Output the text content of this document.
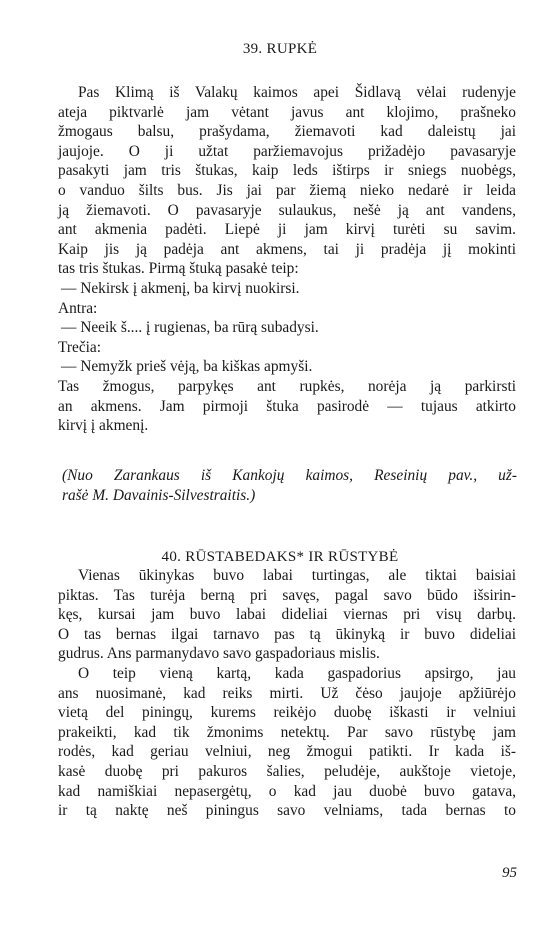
39. RUPKĖ
Pas Klimą iš Valakų kaimos apei Šidlavą vėlai rudenyje
ateja piktvarlė jam vėtant javus ant klojimo, prašneko
žmogaus balsu, prašydama, žiemavoti kad daleistų jai
jaujoje. O ji užtat paržiemavojus prižadėjo pavasaryje
pasakyti jam tris štukas, kaip leds ištirps ir sniegs nuobėgs,
o vanduo šilts bus. Jis jai par žiemą nieko nedarė ir leida
ją žiemavoti. O pavasaryje sulaukus, nešė ją ant vandens,
ant akmenia padėti. Liepė ji jam kirvį turėti su savim.
Kaip jis ją padėja ant akmens, tai ji pradėja jį mokinti
tas tris štukas. Pirmą štuką pasakė teip:
— Nekirsk į akmenį, ba kirvį nuokirsi.
Antra:
— Neeik š.... į rugienas, ba rūrą subadysi.
Trečia:
— Nemyžk prieš vėją, ba kiškas apmyši.
Tas žmogus, parpykęs ant rupkės, norėja ją parkirsti
an akmens. Jam pirmoji štuka pasirodė — tujaus atkirto
kirvį į akmenį.
(Nuo Zarankaus iš Kankojų kaimos, Reseinių pav., už-
rašė M. Davainis-Silvestraitis.)
40. RŪSTABEDAKS* IR RŪSTYBĖ
Vienas ūkinykas buvo labai turtingas, ale tiktai baisiai
piktas. Tas turėja berną pri savęs, pagal savo būdo išsirin-
kęs, kursai jam buvo labai dideliai viernas pri visų darbų.
O tas bernas ilgai tarnavo pas tą ūkinyką ir buvo dideliai
gudrus. Ans parmanydavo savo gaspadoriaus mislis.
O teip vieną kartą, kada gaspadorius apsirgo, jau
ans nuosimanė, kad reiks mirti. Už čėso jaujoje apžiūrėjo
vietą del piningų, kurems reikėjo duobę iškasti ir velniui
prakeikti, kad tik žmonims netektų. Par savo rūstybę jam
rodės, kad geriau velniui, neg žmogui patikti. Ir kada iš-
kasė duobę pri pakuros šalies, peludėje, aukštoje vietoje,
kad namiškiai nepasergėtų, o kad jau duobė buvo gatava,
ir tą naktę neš piningus savo velniams, tada bernas to
95
